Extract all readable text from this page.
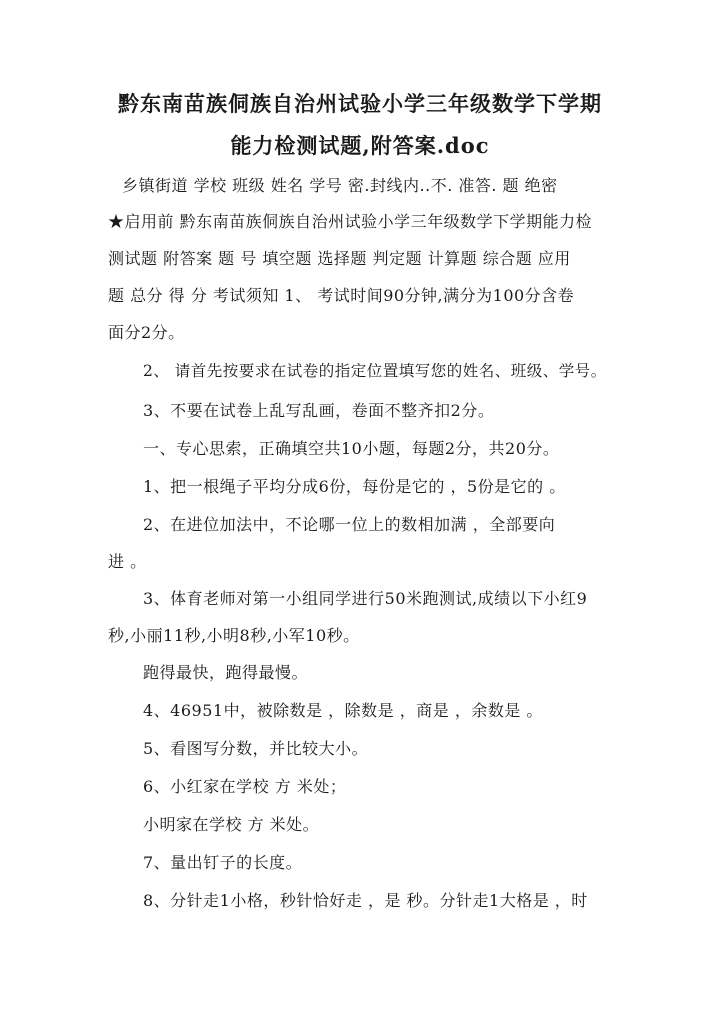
黔东南苗族侗族自治州试验小学三年级数学下学期
能力检测试题,附答案.doc
乡镇街道 学校 班级 姓名 学号 密.封线内..不. 准答. 题 绝密
★启用前 黔东南苗族侗族自治州试验小学三年级数学下学期能力检
测试题 附答案 题 号 填空题 选择题 判定题 计算题 综合题 应用
题 总分 得 分 考试须知 1、 考试时间90分钟,满分为100分含卷
面分2分。
2、 请首先按要求在试卷的指定位置填写您的姓名、班级、学号。
3、不要在试卷上乱写乱画，卷面不整齐扣2分。
一、专心思索，正确填空共10小题，每题2分，共20分。
1、把一根绳子平均分成6份，每份是它的 ，5份是它的 。
2、在进位加法中，不论哪一位上的数相加满 ，全部要向
进 。
3、体育老师对第一小组同学进行50米跑测试,成绩以下小红9
秒,小丽11秒,小明8秒,小军10秒。
跑得最快，跑得最慢。
4、46951中，被除数是 ，除数是 ，商是 ，余数是 。
5、看图写分数，并比较大小。
6、小红家在学校 方 米处；
小明家在学校 方 米处。
7、量出钉子的长度。
8、分针走1小格，秒针恰好走 ，是 秒。分针走1大格是 ，时
